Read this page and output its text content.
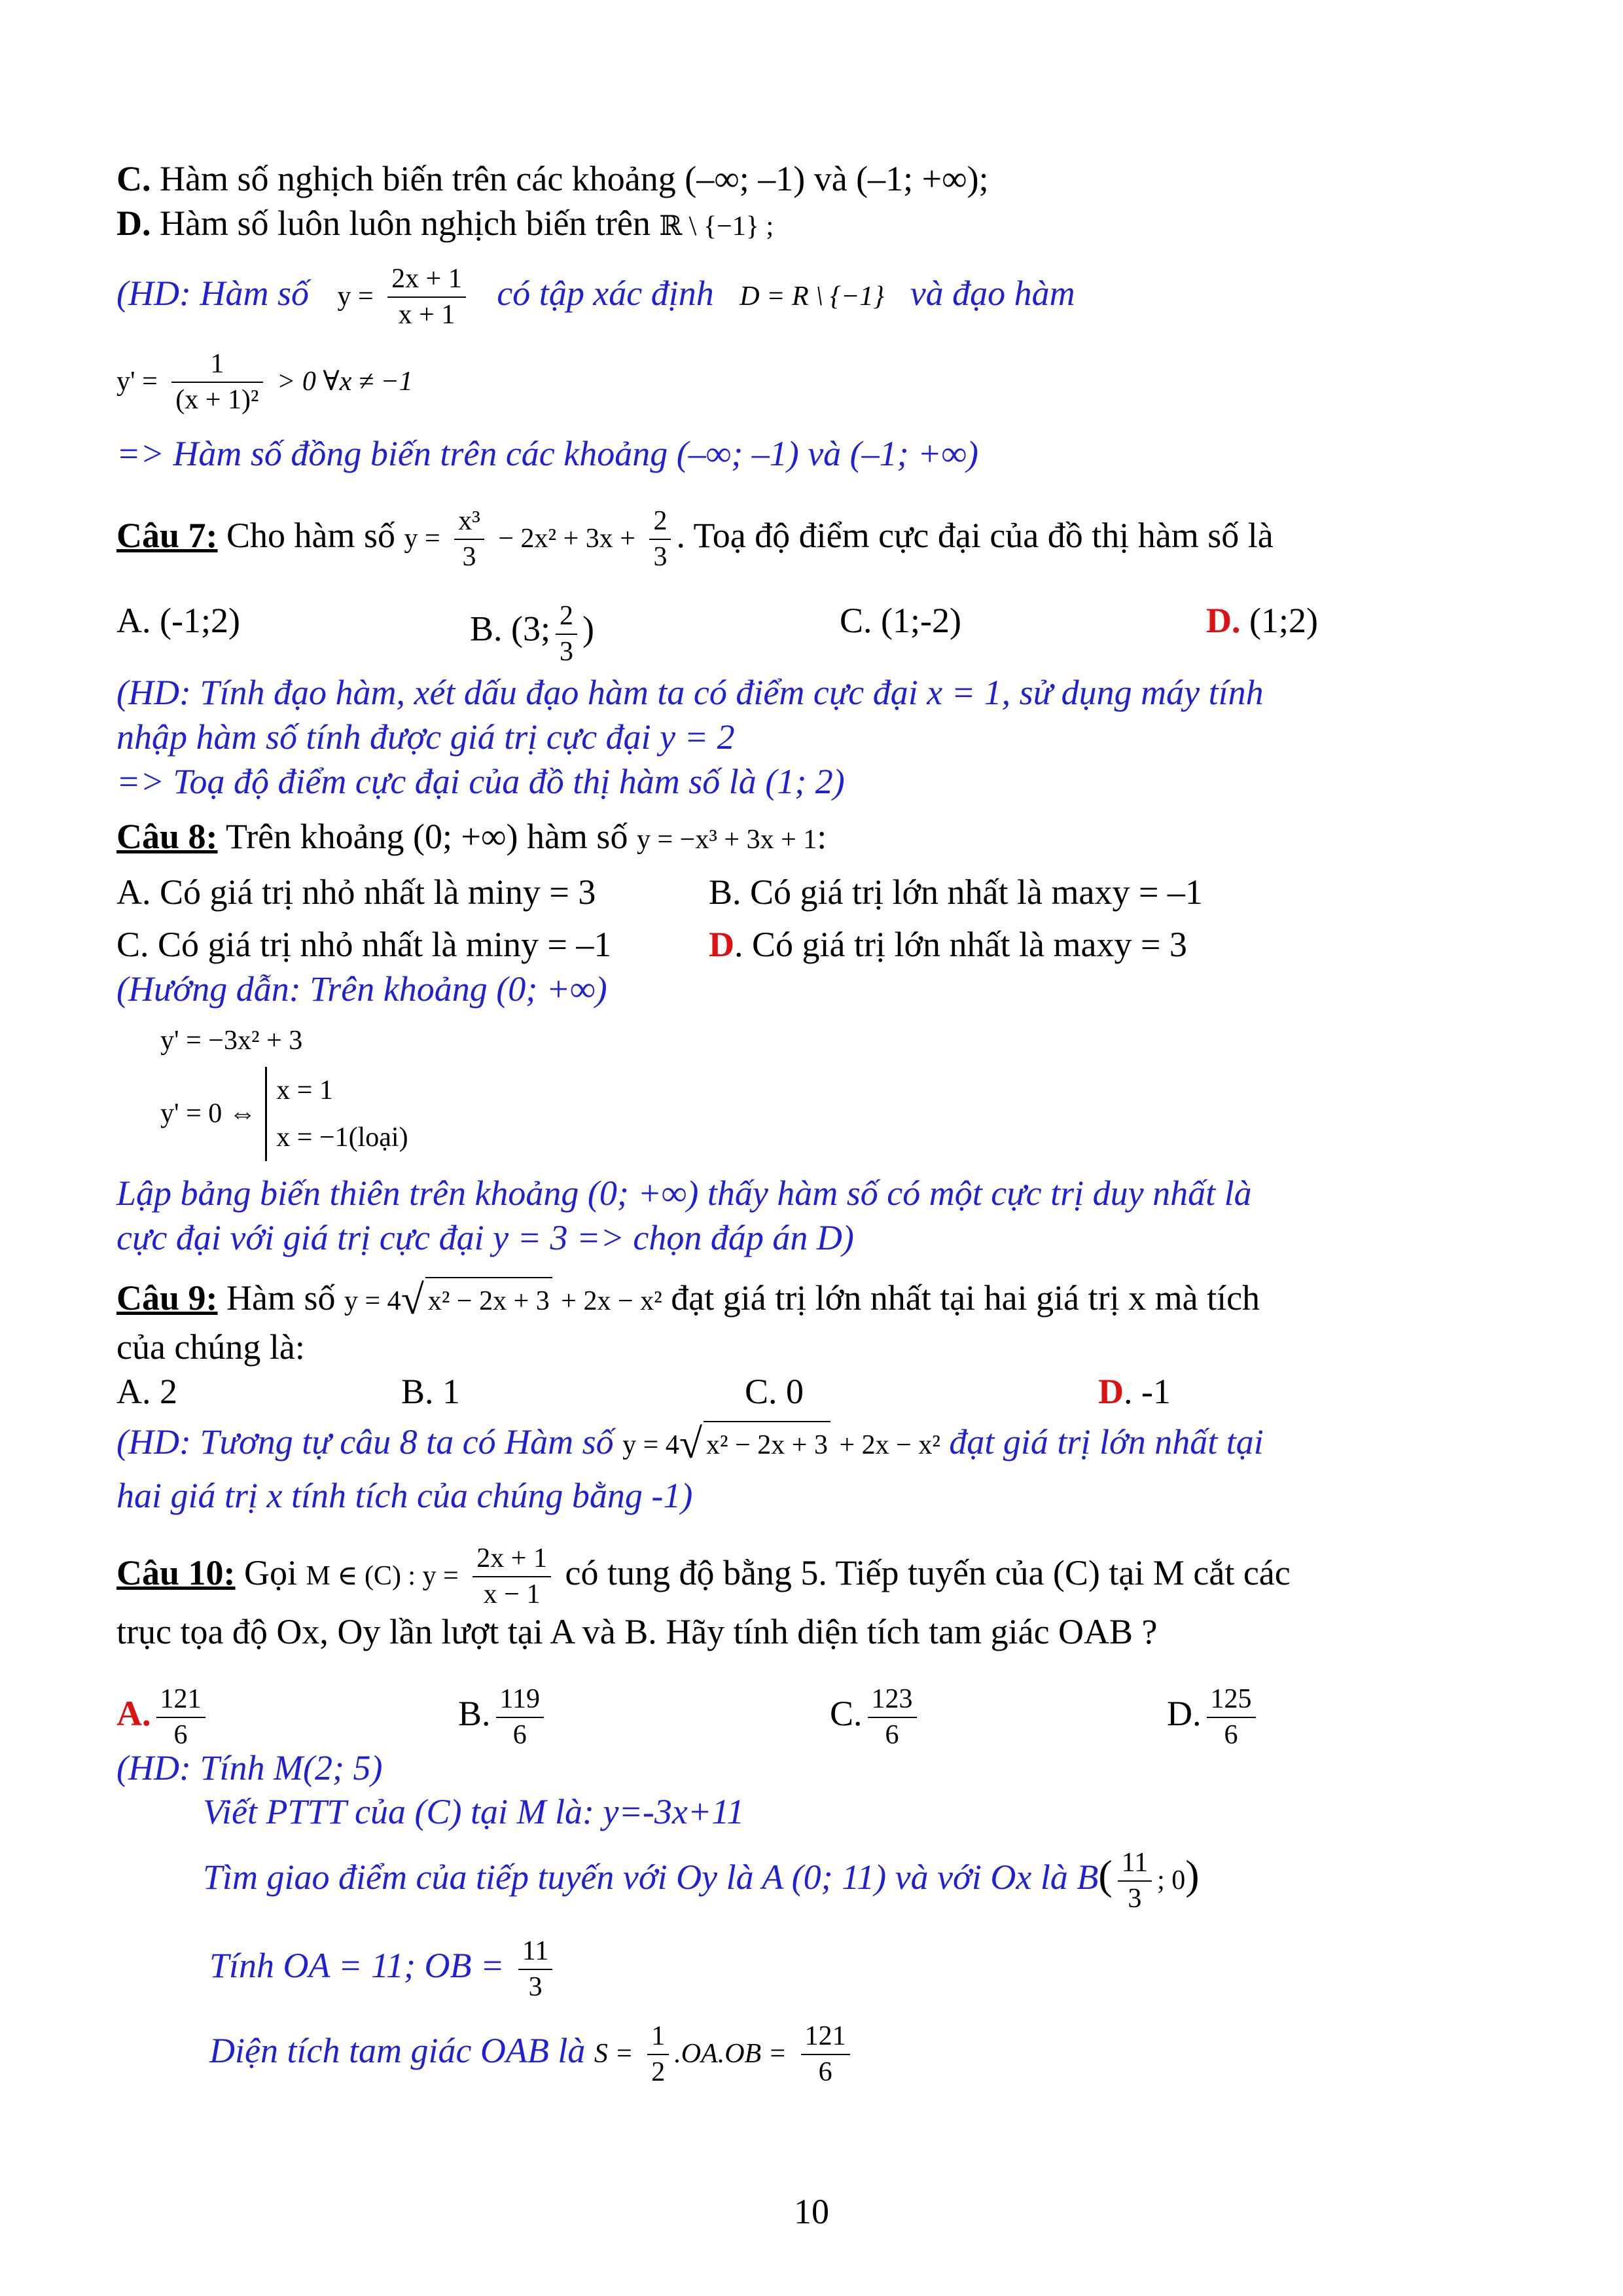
C. Hàm số nghịch biến trên các khoảng (–∞; –1) và (–1; +∞);
D. Hàm số luôn luôn nghịch biến trên ℝ \ {−1} ;
(HD: Hàm số $y = \frac{2x + 1}{x + 1}$ có tập xác định D = R \ {−1} và đạo hàm
$y' = \frac{1}{\text{(x + 1)²}} > 0$ ∀x ≠ −1
=> Hàm số đồng biến trên các khoảng (–∞; –1) và (–1; +∞)
Câu 7: Cho hàm số $y = \frac{\text{x³}}{3} - 2x^2 + 3x + \frac{2}{3}$ . Toạ độ điểm cực đại của đồ thị hàm số là
A. (-1;2)	B. (3; $\frac{2}{3}$ )	C. (1;-2)	D. (1;2)
(HD: Tính đạo hàm, xét dấu đạo hàm ta có điểm cực đại x = 1, sử dụng máy tính
nhập hàm số tính được giá trị cực đại y = 2
=> Toạ độ điểm cực đại của đồ thị hàm số là (1; 2)
Câu 8: Trên khoảng (0; +∞) hàm số y = −x³ + 3x + 1:
A. Có giá trị nhỏ nhất là miny = 3	B. Có giá trị lớn nhất là maxy = –1
C. Có giá trị nhỏ nhất là miny = –1	D. Có giá trị lớn nhất là maxy = 3
(Hướng dẫn: Trên khoảng (0; +∞)
y' = −3x² + 3
y' = 0 ⇔
x = 1
x = −1(loại)
Lập bảng biến thiên trên khoảng (0; +∞) thấy hàm số có một cực trị duy nhất là
cực đại với giá trị cực đại y = 3 => chọn đáp án D)
Câu 9: Hàm số y = 4√ x² − 2x + 3 + 2x − x² đạt giá trị lớn nhất tại hai giá trị x mà tích
của chúng là:
A. 2	B. 1	C. 0	D. -1
(HD: Tương tự câu 8 ta có Hàm số y = 4√ x² − 2x + 3 + 2x − x² đạt giá trị lớn nhất tại
hai giá trị x tính tích của chúng bằng -1)
Câu 10: Gọi M ∈ (C) : $y = \frac{2x + 1}{x - 1}$ có tung độ bằng 5. Tiếp tuyến của (C) tại M cắt các
trục tọa độ Ox, Oy lần lượt tại A và B. Hãy tính diện tích tam giác OAB ?
A. $\frac{121}{6}$	B. $\frac{119}{6}$	C. $\frac{123}{6}$	D. $\frac{125}{6}$
(HD: Tính M(2; 5)
Viết PTTT của (C) tại M là: y=-3x+11
Tìm giao điểm của tiếp tuyến với Oy là A (0; 11) và với Ox là $B( \frac{11}{3}$ ; 0)
Tính OA = 11; OB = $\frac{11}{3}$
Diện tích tam giác OAB là $S = \frac{1}{2} .OA.OB = \frac{121}{6}$
10
